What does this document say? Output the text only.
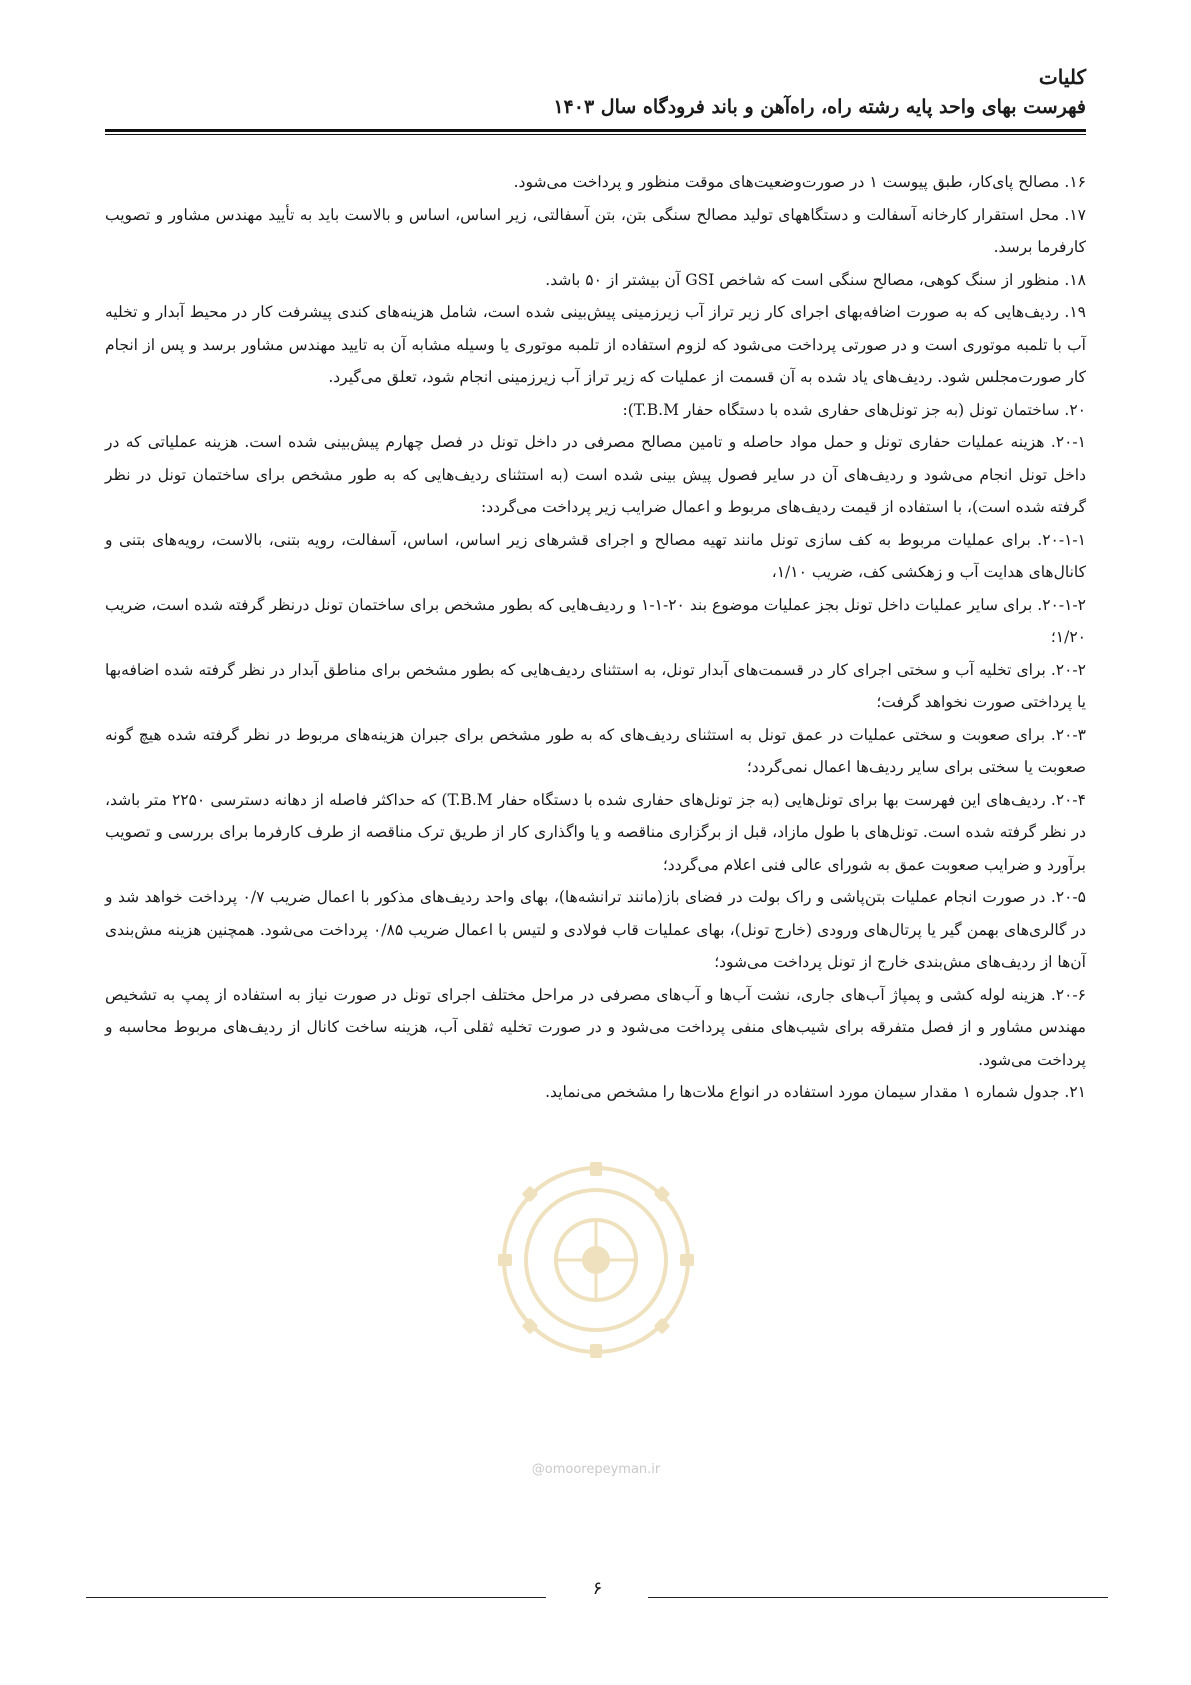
کلیات
فهرست بهای واحد پایه رشته راه، راه‌آهن و باند فرودگاه سال ۱۴۰۳

۱۶. مصالح پای‌کار، طبق پیوست ۱ در صورت‌وضعیت‌های موقت منظور و پرداخت می‌شود.

۱۷. محل استقرار کارخانه آسفالت و دستگاههای تولید مصالح سنگی بتن، بتن آسفالتی، زیر اساس، اساس و بالاست باید به تأیید مهندس مشاور و تصویب کارفرما برسد.

۱۸. منظور از سنگ کوهی، مصالح سنگی است که شاخص GSI آن بیشتر از ۵۰ باشد.

۱۹. ردیف‌هایی که به صورت اضافه‌بهای اجرای کار زیر تراز آب زیرزمینی پیش‌بینی شده است، شامل هزینه‌های کندی پیشرفت کار در محیط آبدار و تخلیه آب با تلمبه موتوری است و در صورتی پرداخت می‌شود که لزوم استفاده از تلمبه موتوری یا وسیله مشابه آن به تایید مهندس مشاور برسد و پس از انجام کار صورت‌مجلس شود. ردیف‌های یاد شده به آن قسمت از عملیات که زیر تراز آب زیرزمینی انجام شود، تعلق می‌گیرد.

۲۰. ساختمان تونل (به جز تونل‌های حفاری شده با دستگاه حفار T.B.M):

۲۰-۱. هزینه عملیات حفاری تونل و حمل مواد حاصله و تامین مصالح مصرفی در داخل تونل در فصل چهارم پیش‌بینی شده است. هزینه عملیاتی که در داخل تونل انجام می‌شود و ردیف‌های آن در سایر فصول پیش بینی شده است (به استثنای ردیف‌هایی که به طور مشخص برای ساختمان تونل در نظر گرفته شده است)، با استفاده از قیمت ردیف‌های مربوط و اعمال ضرایب زیر پرداخت می‌گردد:

۲۰-۱-۱. برای عملیات مربوط به کف سازی تونل مانند تهیه مصالح و اجرای قشرهای زیر اساس، اساس، آسفالت، رویه بتنی، بالاست، رویه‌های بتنی و کانال‌های هدایت آب و زهکشی کف، ضریب ۱/۱۰،

۲۰-۱-۲. برای سایر عملیات داخل تونل بجز عملیات موضوع بند ۲۰-۱-۱ و ردیف‌هایی که بطور مشخص برای ساختمان تونل درنظر گرفته شده است، ضریب ۱/۲۰؛

۲۰-۲. برای تخلیه آب و سختی اجرای کار در قسمت‌های آبدار تونل، به استثنای ردیف‌هایی که بطور مشخص برای مناطق آبدار در نظر گرفته شده اضافه‌بها یا پرداختی صورت نخواهد گرفت؛

۲۰-۳. برای صعوبت و سختی عملیات در عمق تونل به استثنای ردیف‌های که به طور مشخص برای جبران هزینه‌های مربوط در نظر گرفته شده هیچ گونه صعوبت یا سختی برای سایر ردیف‌ها اعمال نمی‌گردد؛

۲۰-۴. ردیف‌های این فهرست بها برای تونل‌هایی (به جز تونل‌های حفاری شده با دستگاه حفار T.B.M) که حداکثر فاصله از دهانه دسترسی ۲۲۵۰ متر باشد، در نظر گرفته شده است. تونل‌های با طول مازاد، قبل از برگزاری مناقصه و یا واگذاری کار از طریق ترک مناقصه از طرف کارفرما برای بررسی و تصویب برآورد و ضرایب صعوبت عمق به شورای عالی فنی اعلام می‌گردد؛

۲۰-۵. در صورت انجام عملیات بتن‌پاشی و راک بولت در فضای باز(مانند ترانشه‌ها)، بهای واحد ردیف‌های مذکور با اعمال ضریب ۰/۷ پرداخت خواهد شد و در گالری‌های بهمن گیر یا پرتال‌های ورودی (خارج تونل)، بهای عملیات قاب فولادی و لتیس با اعمال ضریب ۰/۸۵ پرداخت می‌شود. همچنین هزینه مش‌بندی آن‌ها از ردیف‌های مش‌بندی خارج از تونل پرداخت می‌شود؛

۲۰-۶. هزینه لوله کشی و پمپاژ آب‌های جاری، نشت آب‌ها و آب‌های مصرفی در مراحل مختلف اجرای تونل در صورت نیاز به استفاده از پمپ به تشخیص مهندس مشاور و از فصل متفرقه برای شیب‌های منفی پرداخت می‌شود و در صورت تخلیه ثقلی آب، هزینه ساخت کانال از ردیف‌های مربوط محاسبه و پرداخت می‌شود.

۲۱. جدول شماره ۱ مقدار سیمان مورد استفاده در انواع ملات‌ها را مشخص می‌نماید.

@omoorepeyman.ir
۶
